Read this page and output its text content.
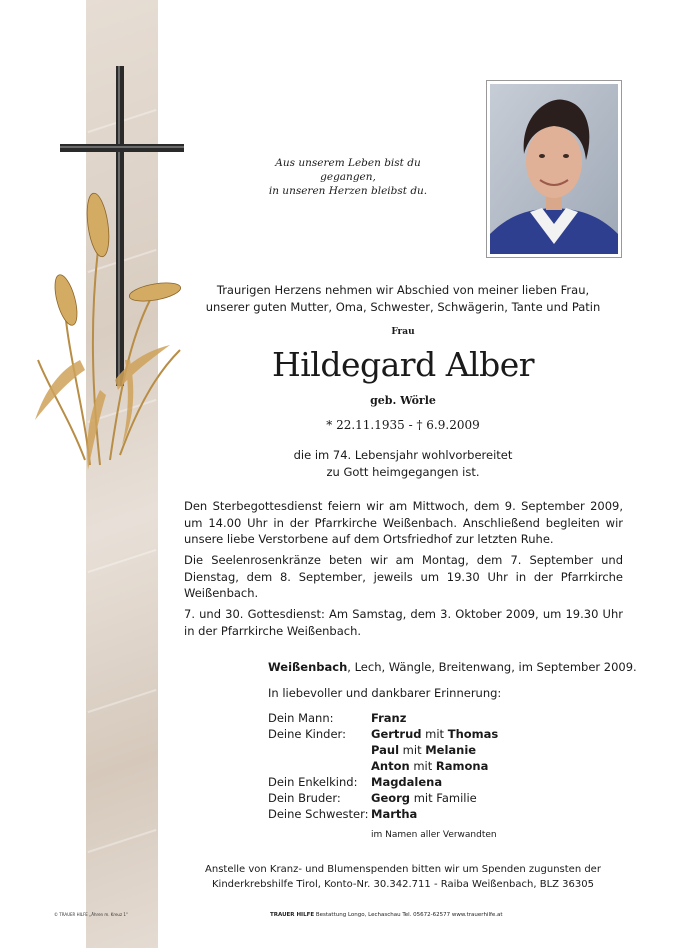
Aus unserem Leben bist du gegangen,
in unseren Herzen bleibst du.
Traurigen Herzens nehmen wir Abschied von meiner lieben Frau,
unserer guten Mutter, Oma, Schwester, Schwägerin, Tante und Patin
Frau
Hildegard Alber
geb. Wörle
* 22.11.1935 - † 6.9.2009
die im 74. Lebensjahr wohlvorbereitet
zu Gott heimgegangen ist.
Den Sterbegottesdienst feiern wir am Mittwoch, dem 9. September 2009, um 14.00 Uhr in der Pfarrkirche Weißenbach. Anschließend begleiten wir unsere liebe Verstorbene auf dem Ortsfriedhof zur letzten Ruhe.
Die Seelenrosenkränze beten wir am Montag, dem 7. September und Dienstag, dem 8. September, jeweils um 19.30 Uhr in der Pfarrkirche Weißenbach.
7. und 30. Gottesdienst: Am Samstag, dem 3. Oktober 2009, um 19.30 Uhr in der Pfarrkirche Weißenbach.
Weißenbach, Lech, Wängle, Breitenwang, im September 2009.
In liebevoller und dankbarer Erinnerung:
Dein Mann:	Franz
Deine Kinder:	Gertrud mit Thomas
Paul mit Melanie
Anton mit Ramona
Dein Enkelkind:	Magdalena
Dein Bruder:	Georg mit Familie
Deine Schwester: Martha
im Namen aller Verwandten
Anstelle von Kranz- und Blumenspenden bitten wir um Spenden zugunsten der
Kinderkrebshilfe Tirol, Konto-Nr. 30.342.711 - Raiba Weißenbach, BLZ 36305
© TRAUER HILFE „Ähren m. Kreuz 1"	TRAUER HILFE Bestattung Longo, Lechaschau Tel. 05672-62577 www.trauerhilfe.at
